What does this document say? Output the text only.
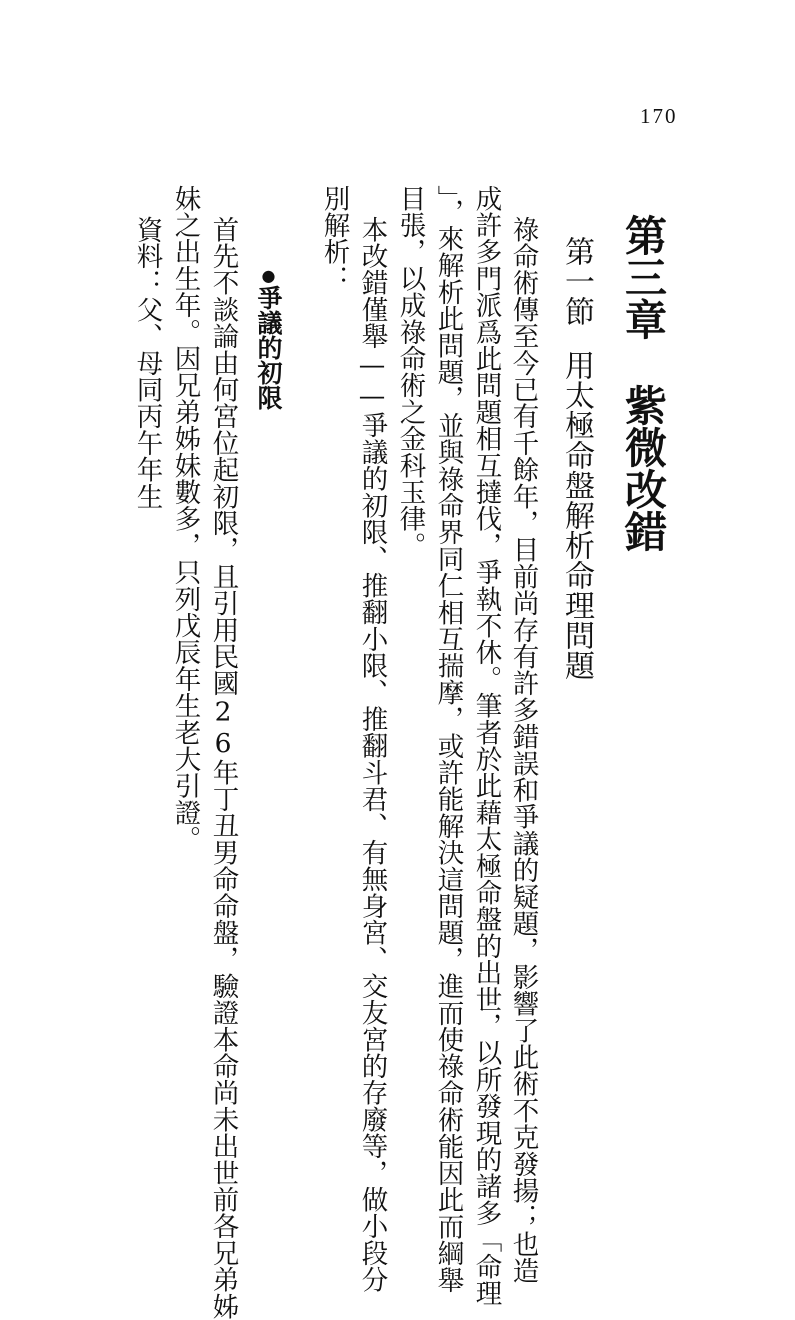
170
第三章紫微改錯
第一節用太極命盤解析命理問題
祿命術傳至今已有千餘年，目前尚存有許多錯誤和爭議的疑題，影響了此術不克發揚；也造
成許多門派爲此問題相互撻伐，爭執不休。筆者於此藉太極命盤的出世，以所發現的諸多「命理
」，來解析此問題，並與祿命界同仁相互揣摩，或許能解決這問題，進而使祿命術能因此而綱舉
目張，以成祿命術之金科玉律。
本改錯僅舉——爭議的初限、推翻小限、推翻斗君、有無身宮、交友宮的存廢等，做小段分
別解析：
●爭議的初限
首先不談論由何宮位起初限，且引用民國26年丁丑男命命盤，驗證本命尚未出世前各兄弟姊
妹之出生年。因兄弟姊妹數多，只列戊辰年生老大引證。
資料：父、母同丙午年生
